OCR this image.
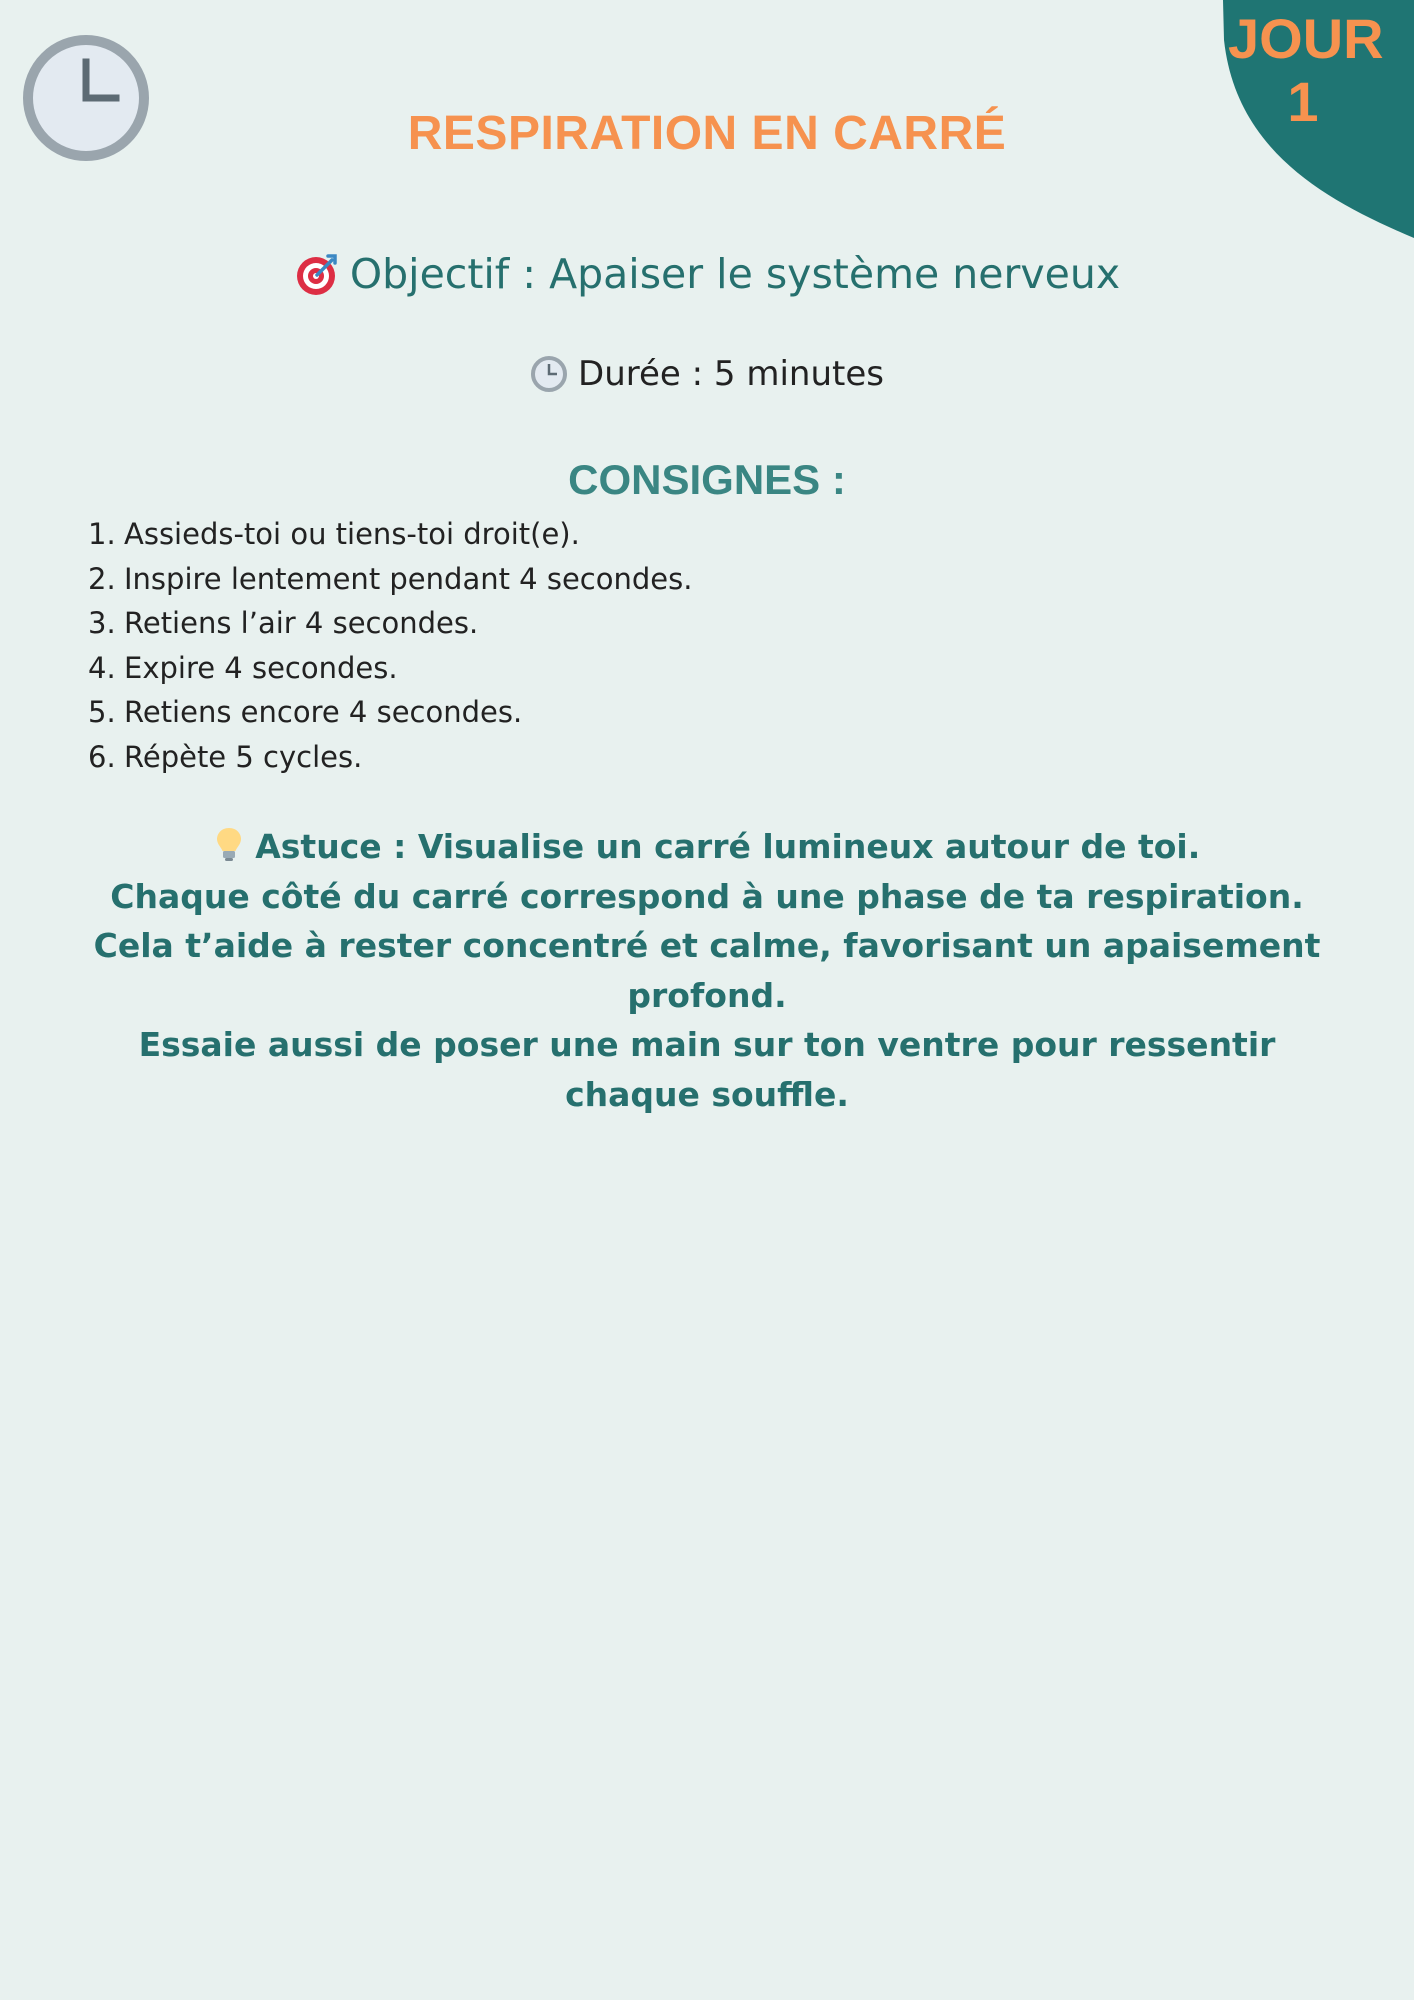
JOUR
1
RESPIRATION EN CARRÉ
Objectif : Apaiser le système nerveux
Durée : 5 minutes
CONSIGNES :
1. Assieds-toi ou tiens-toi droit(e).
2. Inspire lentement pendant 4 secondes.
3. Retiens l’air 4 secondes.
4. Expire 4 secondes.
5. Retiens encore 4 secondes.
6. Répète 5 cycles.

Astuce : Visualise un carré lumineux autour de toi.

Chaque côté du carré correspond à une phase de ta respiration.

Cela t’aide à rester concentré et calme, favorisant un apaisement profond.

Essaie aussi de poser une main sur ton ventre pour ressentir chaque souffle.
